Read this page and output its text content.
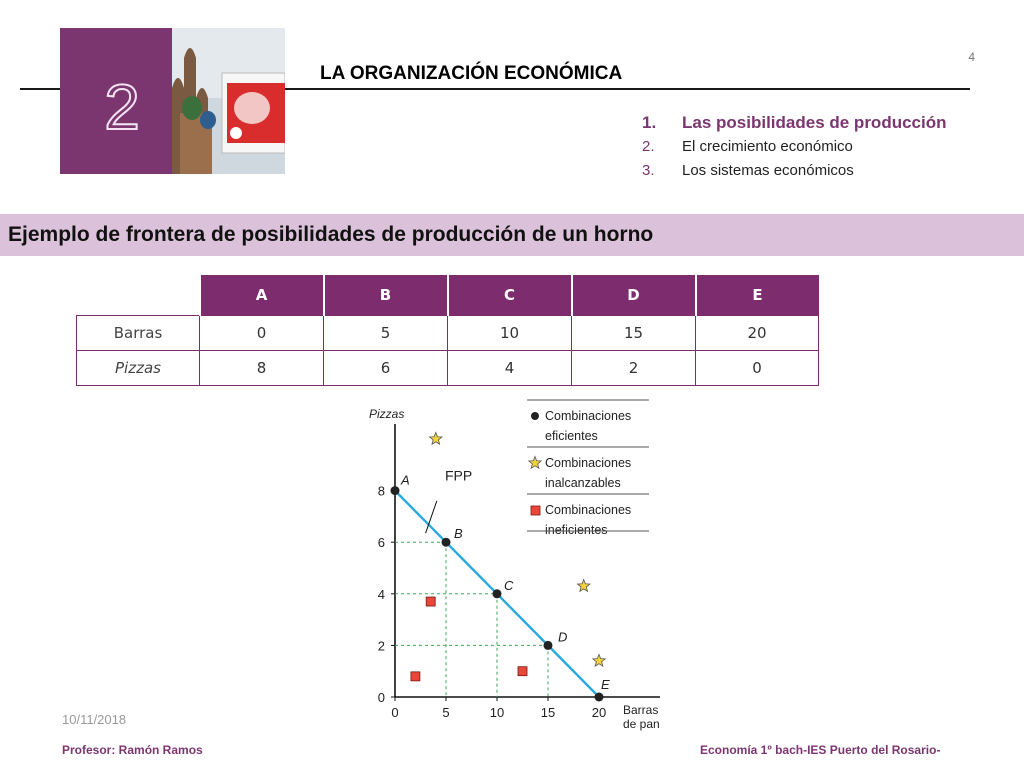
2
4
LA ORGANIZACIÓN ECONÓMICA
1.	Las posibilidades de producción
2.	El crecimiento económico
3.	Los sistemas económicos
Ejemplo de frontera de posibilidades de producción de un horno
	A	B	C	D	E
Barras	0	5	10	15	20
Pizzas	8	6	4	2	0
Pizzas
Barras
de pan
0	5	10	15	20
0
2
4
6
8
FPP
A
B
C
D
E
Combinaciones
eficientes
Combinaciones
inalcanzables
Combinaciones
ineficientes
10/11/2018
Profesor: Ramón Ramos	Economía 1º bach-IES Puerto del Rosario-
